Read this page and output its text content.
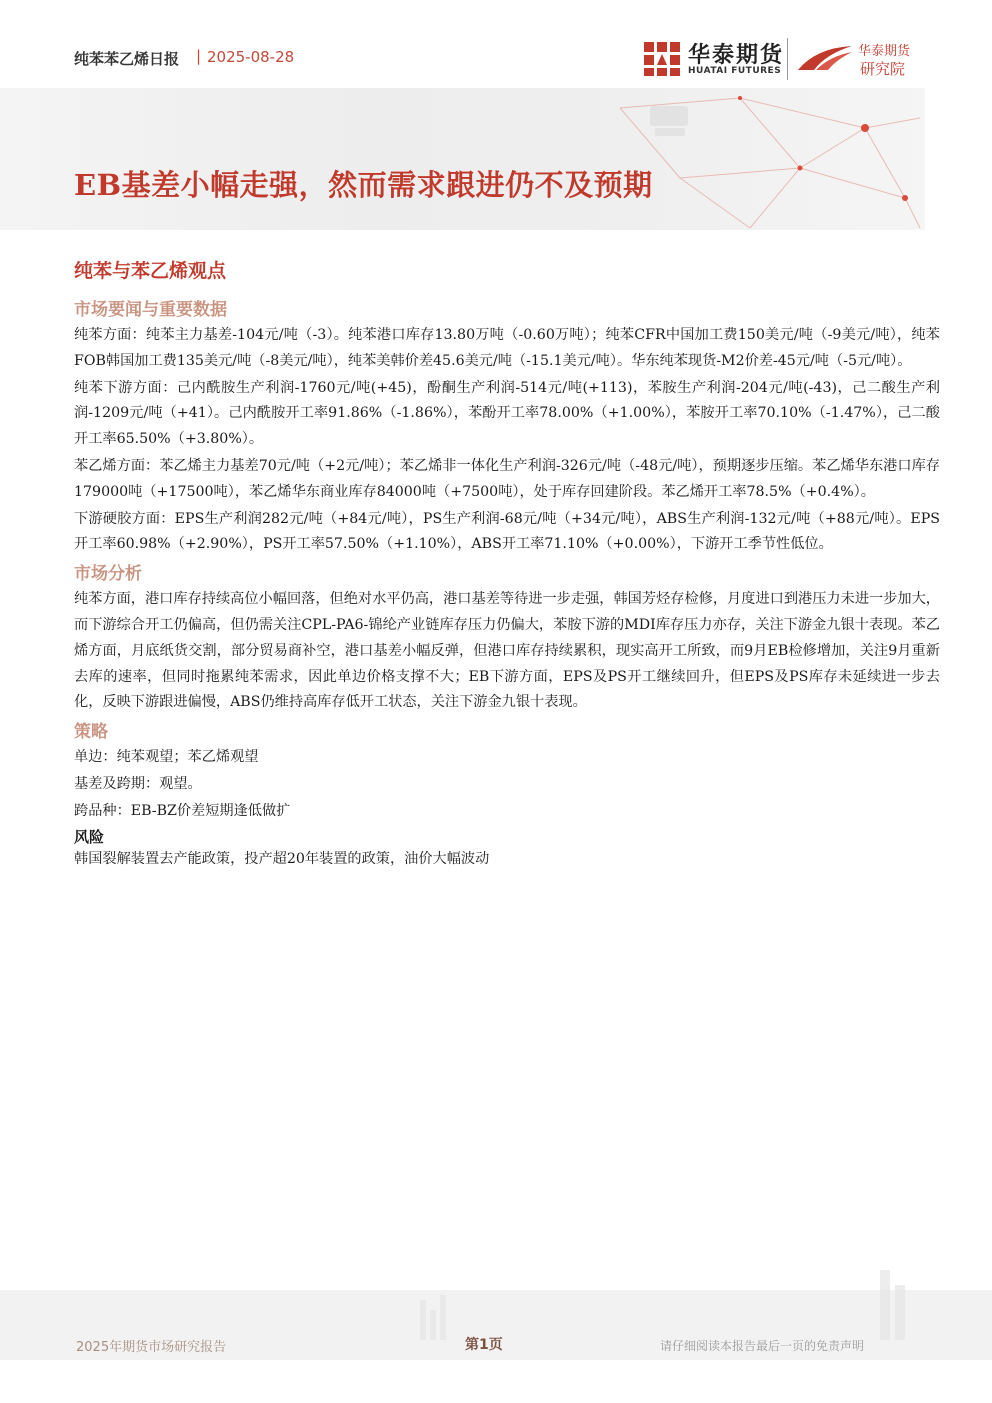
纯苯苯乙烯日报 | 2025-08-28	华泰期货
HUATAI FUTURES
华泰期货
研究院
EB基差小幅走强，然而需求跟进仍不及预期
纯苯与苯乙烯观点
市场要闻与重要数据

纯苯方面：纯苯主力基差-104元/吨（-3）。纯苯港口库存13.80万吨（-0.60万吨）；纯苯CFR中国加工费150美元/吨（-9美元/吨），纯苯FOB韩国加工费135美元/吨（-8美元/吨），纯苯美韩价差45.6美元/吨（-15.1美元/吨）。华东纯苯现货-M2价差-45元/吨（-5元/吨）。

纯苯下游方面：己内酰胺生产利润-1760元/吨(+45)，酚酮生产利润-514元/吨(+113)，苯胺生产利润-204元/吨(-43)，己二酸生产利润-1209元/吨（+41）。己内酰胺开工率91.86%（-1.86%），苯酚开工率78.00%（+1.00%），苯胺开工率70.10%（-1.47%），己二酸开工率65.50%（+3.80%）。

苯乙烯方面：苯乙烯主力基差70元/吨（+2元/吨）；苯乙烯非一体化生产利润-326元/吨（-48元/吨），预期逐步压缩。苯乙烯华东港口库存179000吨（+17500吨），苯乙烯华东商业库存84000吨（+7500吨），处于库存回建阶段。苯乙烯开工率78.5%（+0.4%）。

下游硬胶方面：EPS生产利润282元/吨（+84元/吨），PS生产利润-68元/吨（+34元/吨），ABS生产利润-132元/吨（+88元/吨）。EPS开工率60.98%（+2.90%），PS开工率57.50%（+1.10%），ABS开工率71.10%（+0.00%），下游开工季节性低位。

市场分析

纯苯方面，港口库存持续高位小幅回落，但绝对水平仍高，港口基差等待进一步走强，韩国芳烃存检修，月度进口到港压力未进一步加大，而下游综合开工仍偏高，但仍需关注CPL-PA6-锦纶产业链库存压力仍偏大，苯胺下游的MDI库存压力亦存，关注下游金九银十表现。苯乙烯方面，月底纸货交割，部分贸易商补空，港口基差小幅反弹，但港口库存持续累积，现实高开工所致，而9月EB检修增加，关注9月重新去库的速率，但同时拖累纯苯需求，因此单边价格支撑不大；EB下游方面，EPS及PS开工继续回升，但EPS及PS库存未延续进一步去化，反映下游跟进偏慢，ABS仍维持高库存低开工状态，关注下游金九银十表现。

策略

单边：纯苯观望；苯乙烯观望

基差及跨期：观望。

跨品种：EB-BZ价差短期逢低做扩

风险

韩国裂解装置去产能政策，投产超20年装置的政策，油价大幅波动

2025年期货市场研究报告	第1页	请仔细阅读本报告最后一页的免责声明
